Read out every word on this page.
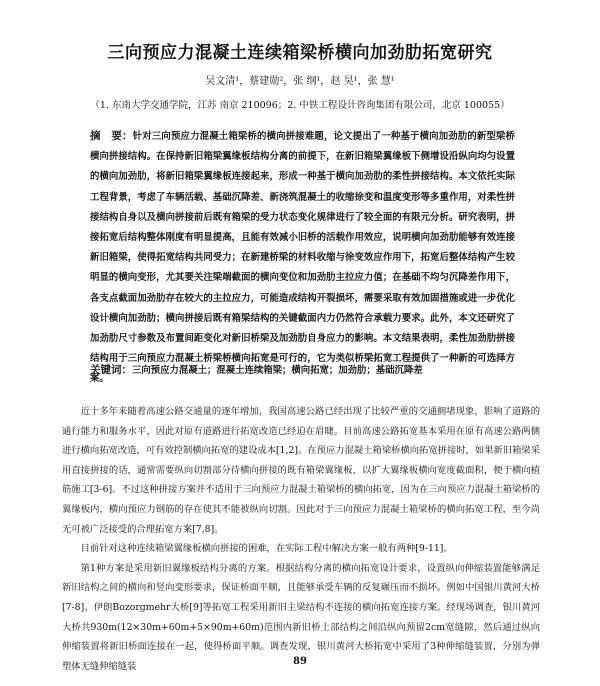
三向预应力混凝土连续箱梁桥横向加劲肋拓宽研究
吴文清¹，蔡建勋²，张 纲¹，赵 昊¹，张 慧¹
（1. 东南大学交通学院，江苏 南京 210096；2. 中铁工程设计咨询集团有限公司，北京 100055）
摘　要：针对三向预应力混凝土箱梁桥的横向拼接难题，论文提出了一种基于横向加劲肋的新型梁桥横向拼接结构。在保持新旧箱梁翼缘板结构分离的前提下，在新旧箱梁翼缘板下侧增设沿纵向均匀设置的横向加劲肋，将新旧箱梁翼缘板连接起来，形成一种基于横向加劲肋的柔性拼接结构。本文依托实际工程背景，考虑了车辆活载、基础沉降差、新浇筑混凝土的收缩徐变和温度变形等多重作用，对柔性拼接结构自身以及横向拼接前后既有箱梁的受力状态变化规律进行了较全面的有限元分析。研究表明，拼接拓宽后结构整体刚度有明显提高，且能有效减小旧桥的活载作用效应，说明横向加劲肋能够有效连接新旧箱梁，使得拓宽结构共同受力；在新建桥梁的材料收缩与徐变效应作用下，拓宽后整体结构产生较明显的横向变形，尤其要关注梁端截面的横向变位和加劲肋主拉应力值；在基础不均匀沉降差作用下，各支点截面加劲肋存在较大的主拉应力，可能造成结构开裂损坏，需要采取有效加固措施或进一步优化设计横向加劲肋；横向拼接后既有箱梁结构的关键截面内力仍然符合承载力要求。此外，本文还研究了加劲肋尺寸参数及布置间距变化对新旧桥梁及加劲肋自身应力的影响。本文结果表明，柔性加劲肋拼接结构用于三向预应力混凝土桥梁桥横向拓宽是可行的，它为类似桥梁拓宽工程提供了一种新的可选择方案。
关键词：三向预应力混凝土；混凝土连续箱梁；横向拓宽；加劲肋；基础沉降差

近十多年来随着高速公路交通量的逐年增加，我国高速公路已经出现了比较严重的交通拥堵现象，影响了道路的通行能力和服务水平，因此对原有道路进行拓宽改造已经迫在眉睫。目前高速公路拓宽基本采用在原有高速公路两侧进行横向拓宽改造，可有效控制横向拓宽的建设成本[1,2]。在预应力混凝土箱梁桥横向拓宽拼接时，如果新旧箱梁采用直接拼接的话，通常需要纵向切割部分待横向拼接的既有箱梁翼缘板，以扩大翼缘板横向宽度截面积，便于横向植筋施工[3-6]。不过这种拼接方案并不适用于三向预应力混凝土箱梁桥的横向拓宽，因为在三向预应力混凝土箱梁桥的翼缘板内，横向预应力钢筋的存在使其不能被纵向切割。因此对于三向预应力混凝土箱梁桥的横向拓宽工程，至今尚无可被广泛接受的合理拓宽方案[7,8]。

目前针对这种连续箱梁翼缘板横向拼接的困难，在实际工程中解决方案一般有两种[9-11]。

第1种方案是采用新旧翼缘板结构分离的方案。根据结构分离的横向拓宽设计要求，设置纵向伸缩装置能够满足新旧结构之间的横向和竖向变形要求，保证桥面平顺，且能够承受车辆的反复碾压而不损坏。例如中国银川黄河大桥[7-8]、伊朗Bozorgmehr大桥[9]等拓宽工程采用新旧主梁结构不连接的横向拓宽连接方案。经现场调查，银川黄河大桥共930m(12×30m+60m+5×90m+60m)范围内新旧桥上部结构之间沿纵向预留2cm宽缝隙，然后通过纵向伸缩装置将新旧桥面连接在一起，使得桥面平顺。调查发现，银川黄河大桥拓宽中采用了3种伸缩缝装置，分别为弹塑体无缝伸缩缝装	89
